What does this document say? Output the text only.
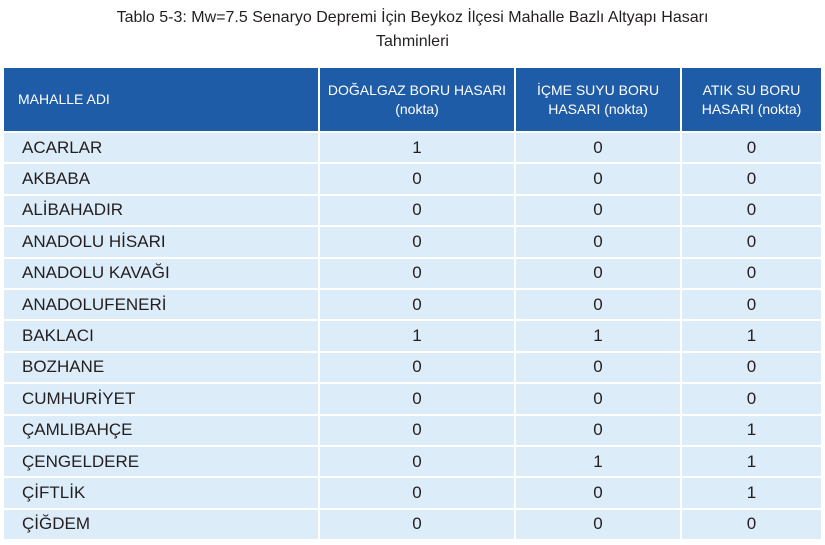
Tablo 5-3: Mw=7.5 Senaryo Depremi İçin Beykoz İlçesi Mahalle Bazlı Altyapı Hasarı
Tahminleri
MAHALLE ADI	DOĞALGAZ BORU HASARI (nokta)	İÇME SUYU BORU HASARI (nokta)	ATIK SU BORU HASARI (nokta)
ACARLAR	1	0	0
AKBABA	0	0	0
ALİBAHADIR	0	0	0
ANADOLU HİSARI	0	0	0
ANADOLU KAVAĞI	0	0	0
ANADOLUFENERİ	0	0	0
BAKLACI	1	1	1
BOZHANE	0	0	0
CUMHURİYET	0	0	0
ÇAMLIBAHÇE	0	0	1
ÇENGELDERE	0	1	1
ÇİFTLİK	0	0	1
ÇİĞDEM	0	0	0
